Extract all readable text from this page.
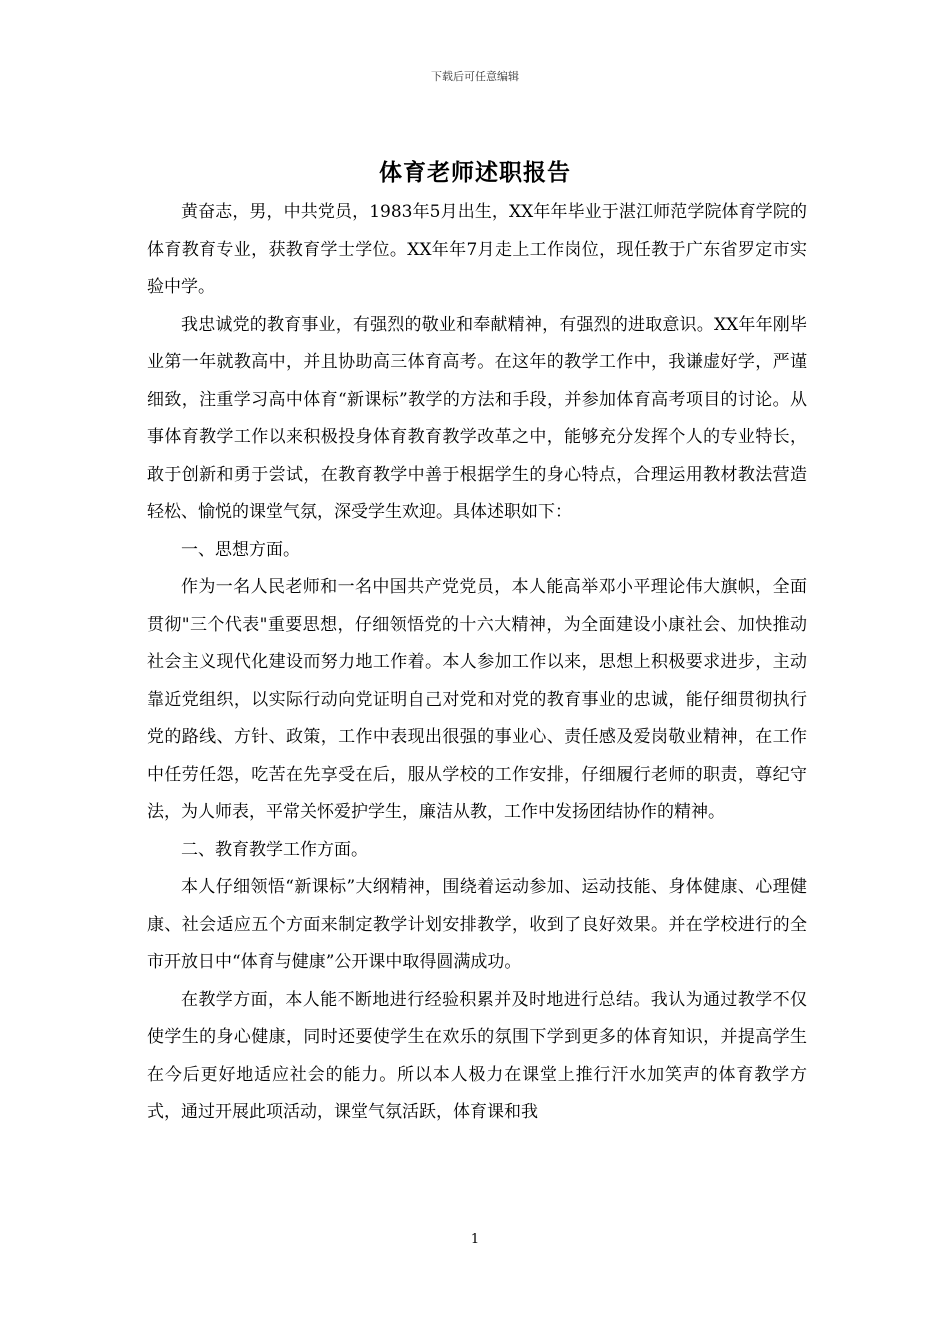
下载后可任意编辑
体育老师述职报告

黄奋志，男，中共党员，1983年5月出生，XX年年毕业于湛江师范学院体育学院的体育教育专业，获教育学士学位。XX年年7月走上工作岗位，现任教于广东省罗定市实验中学。

我忠诚党的教育事业，有强烈的敬业和奉献精神，有强烈的进取意识。XX年年刚毕业第一年就教高中，并且协助高三体育高考。在这年的教学工作中，我谦虚好学，严谨细致，注重学习高中体育“新课标”教学的方法和手段，并参加体育高考项目的讨论。从事体育教学工作以来积极投身体育教育教学改革之中，能够充分发挥个人的专业特长，敢于创新和勇于尝试，在教育教学中善于根据学生的身心特点，合理运用教材教法营造轻松、愉悦的课堂气氛，深受学生欢迎。具体述职如下：

一、思想方面。

作为一名人民老师和一名中国共产党党员，本人能高举邓小平理论伟大旗帜，全面贯彻"三个代表"重要思想，仔细领悟党的十六大精神，为全面建设小康社会、加快推动社会主义现代化建设而努力地工作着。本人参加工作以来，思想上积极要求进步，主动靠近党组织，以实际行动向党证明自己对党和对党的教育事业的忠诚，能仔细贯彻执行党的路线、方针、政策，工作中表现出很强的事业心、责任感及爱岗敬业精神，在工作中任劳任怨，吃苦在先享受在后，服从学校的工作安排，仔细履行老师的职责，尊纪守法，为人师表，平常关怀爱护学生，廉洁从教，工作中发扬团结协作的精神。

二、教育教学工作方面。

本人仔细领悟“新课标”大纲精神，围绕着运动参加、运动技能、身体健康、心理健康、社会适应五个方面来制定教学计划安排教学，收到了良好效果。并在学校进行的全市开放日中“体育与健康”公开课中取得圆满成功。

在教学方面，本人能不断地进行经验积累并及时地进行总结。我认为通过教学不仅使学生的身心健康，同时还要使学生在欢乐的氛围下学到更多的体育知识，并提高学生在今后更好地适应社会的能力。所以本人极力在课堂上推行汗水加笑声的体育教学方式，通过开展此项活动，课堂气氛活跃，体育课和我

1
